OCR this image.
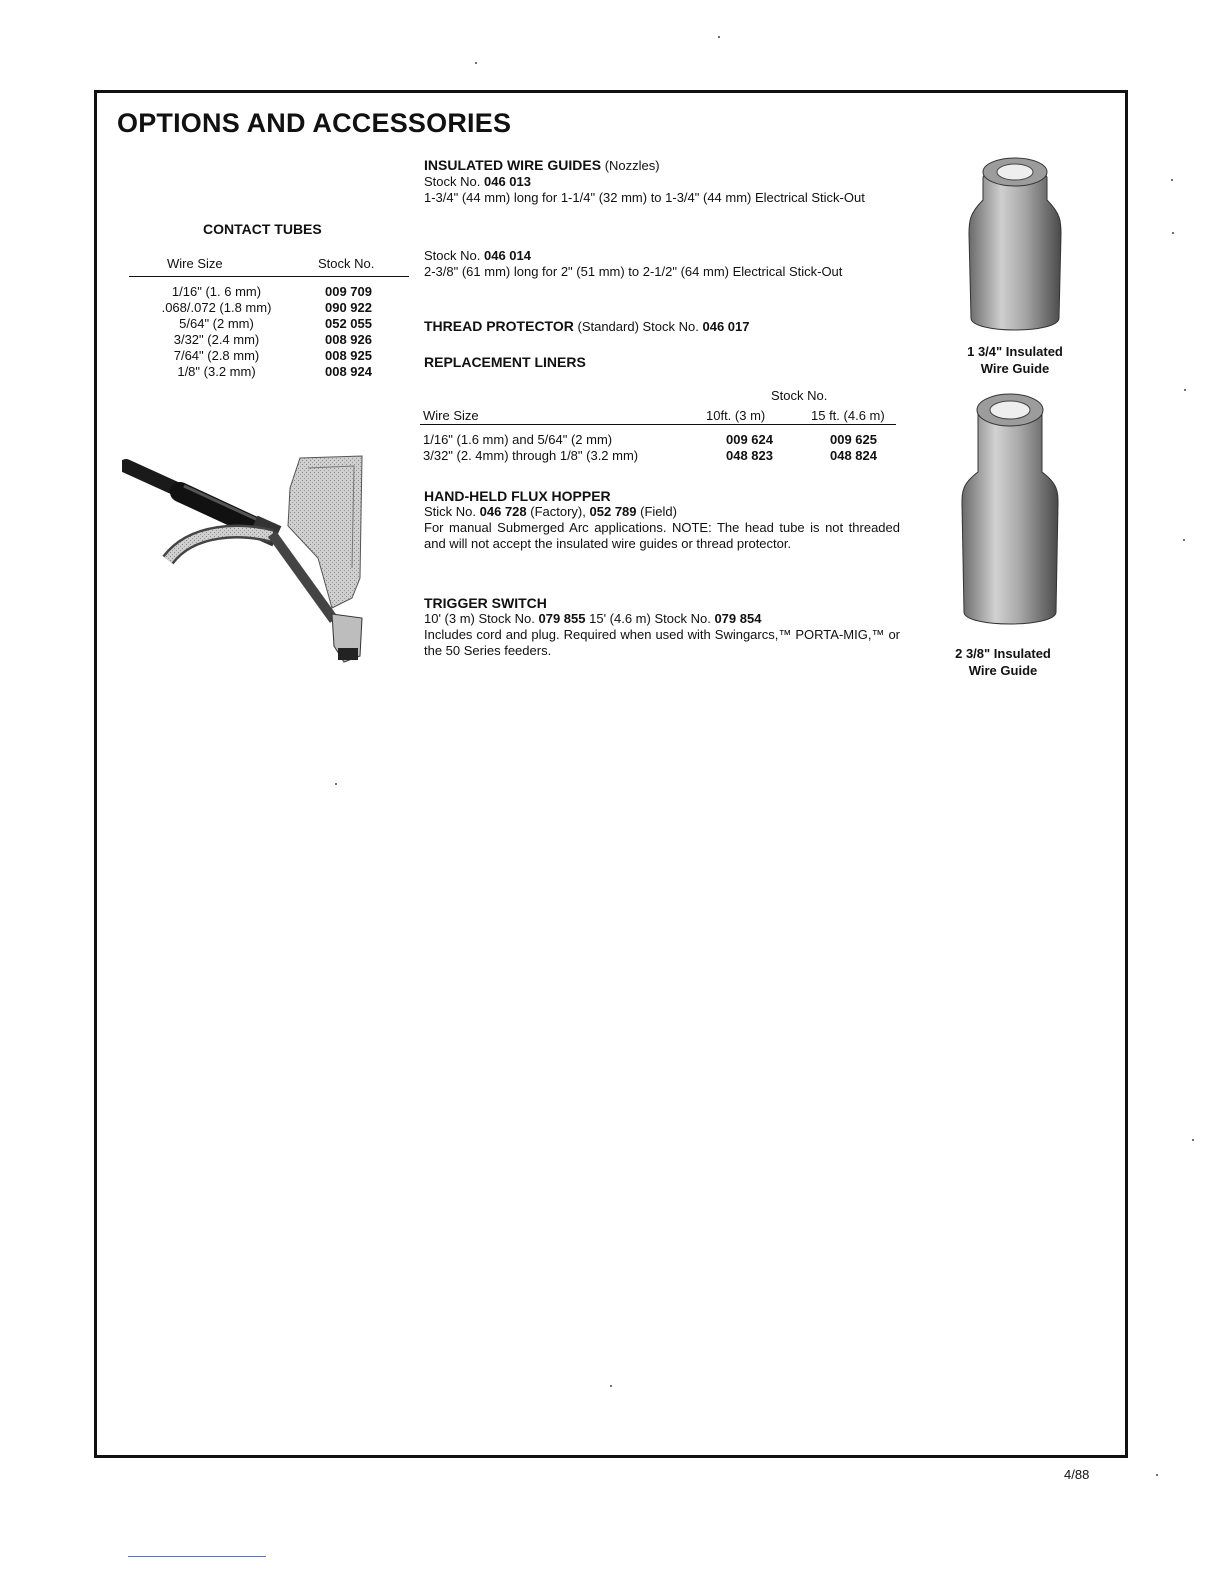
OPTIONS AND ACCESSORIES
CONTACT TUBES
Wire Size	Stock No.
1/16" (1. 6 mm)	009 709
.068/.072 (1.8 mm)	090 922
5/64" (2 mm)	052 055
3/32" (2.4 mm)	008 926
7/64" (2.8 mm)	008 925
1/8" (3.2 mm)	008 924
INSULATED WIRE GUIDES (Nozzles)
Stock No. 046 013
1-3/4" (44 mm) long for 1-1/4" (32 mm) to 1-3/4" (44 mm) Electrical Stick-Out
Stock No. 046 014
2-3/8" (61 mm) long for 2" (51 mm) to 2-1/2" (64 mm) Electrical Stick-Out
THREAD PROTECTOR (Standard) Stock No. 046 017
REPLACEMENT LINERS
Stock No.
Wire Size	10ft. (3 m)	15 ft. (4.6 m)
1/16" (1.6 mm) and 5/64" (2 mm)	009 624	009 625
3/32" (2. 4mm) through 1/8" (3.2 mm)	048 823	048 824
HAND-HELD FLUX HOPPER
Stick No. 046 728 (Factory), 052 789 (Field)
For manual Submerged Arc applications. NOTE: The head tube is not threaded and will not accept the insulated wire guides or thread protector.
TRIGGER SWITCH
10' (3 m) Stock No. 079 855 15' (4.6 m) Stock No. 079 854
Includes cord and plug. Required when used with Swingarcs,™ PORTA-MIG,™ or the 50 Series feeders.
1 3/4" Insulated
Wire Guide
2 3/8" Insulated
Wire Guide
4/88
